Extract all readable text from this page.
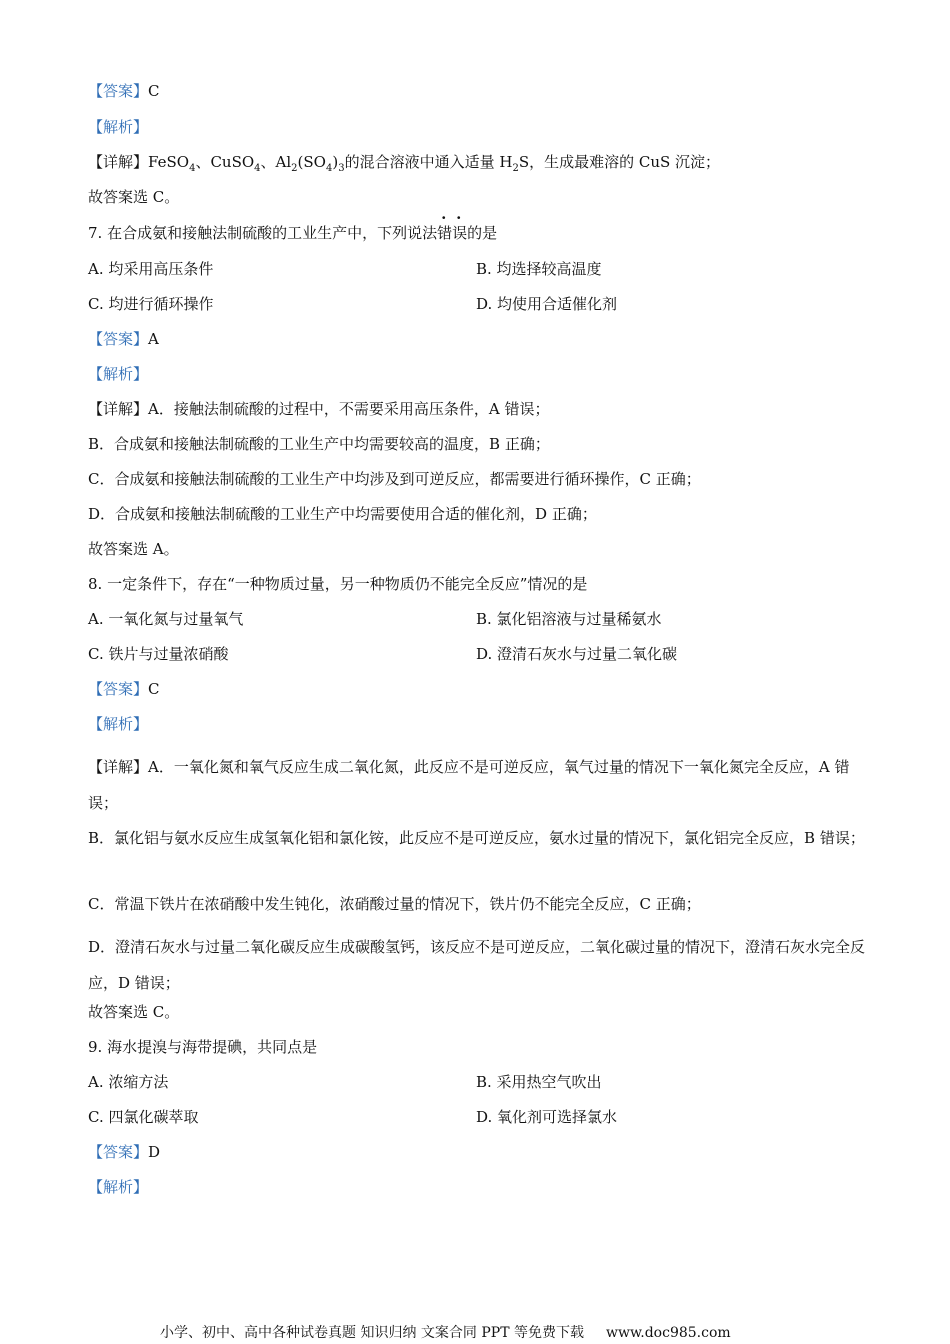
【答案】C
【解析】
【详解】FeSO$_4$、CuSO$_4$、$Al_2(SO_4)_3$的混合溶液中通入适量 $H_2S$，生成最难溶的 CuS 沉淀；
故答案选 C。
7. 在合成氨和接触法制硫酸的工业生产中，下列说法错误的是
A. 均采用高压条件	B. 均选择较高温度
C. 均进行循环操作	D. 均使用合适催化剂
【答案】A
【解析】
【详解】A．接触法制硫酸的过程中，不需要采用高压条件，A 错误；
B．合成氨和接触法制硫酸的工业生产中均需要较高的温度，B 正确；
C．合成氨和接触法制硫酸的工业生产中均涉及到可逆反应，都需要进行循环操作，C 正确；
D．合成氨和接触法制硫酸的工业生产中均需要使用合适的催化剂，D 正确；
故答案选 A。
8. 一定条件下，存在“一种物质过量，另一种物质仍不能完全反应”情况的是
A. 一氧化氮与过量氧气	B. 氯化铝溶液与过量稀氨水
C. 铁片与过量浓硝酸	D. 澄清石灰水与过量二氧化碳
【答案】C
【解析】
【详解】A．一氧化氮和氧气反应生成二氧化氮，此反应不是可逆反应，氧气过量的情况下一氧化氮完全反应，A 错误；
B．氯化铝与氨水反应生成氢氧化铝和氯化铵，此反应不是可逆反应，氨水过量的情况下，氯化铝完全反应，B 错误；
C．常温下铁片在浓硝酸中发生钝化，浓硝酸过量的情况下，铁片仍不能完全反应，C 正确；
D．澄清石灰水与过量二氧化碳反应生成碳酸氢钙，该反应不是可逆反应，二氧化碳过量的情况下，澄清石灰水完全反应，D 错误；
故答案选 C。
9. 海水提溴与海带提碘，共同点是
A. 浓缩方法	B. 采用热空气吹出
C. 四氯化碳萃取	D. 氧化剂可选择氯水
【答案】D
【解析】
小学、初中、高中各种试卷真题 知识归纳 文案合同 PPT 等免费下载 www.doc985.com
